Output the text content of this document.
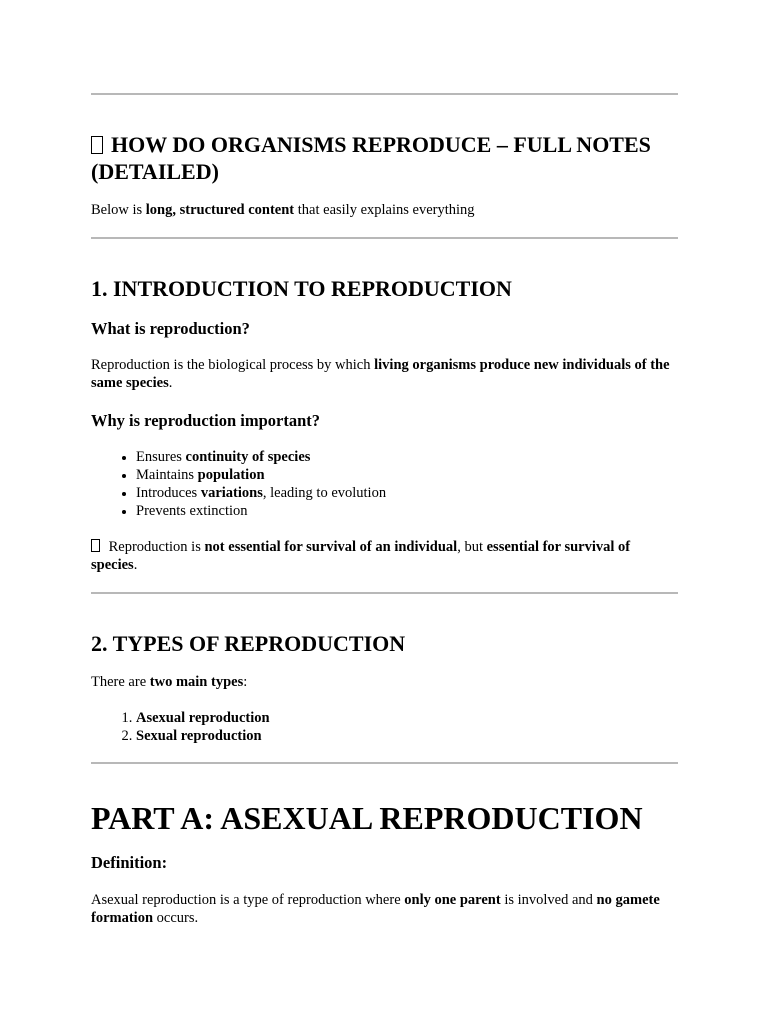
HOW DO ORGANISMS REPRODUCE – FULL NOTES (DETAILED)

Below is long, structured content that easily explains everything

1. INTRODUCTION TO REPRODUCTION
What is reproduction?

Reproduction is the biological process by which living organisms produce new individuals of the same species.

Why is reproduction important?
• Ensures continuity of species
• Maintains population
• Introduces variations, leading to evolution
• Prevents extinction

Reproduction is not essential for survival of an individual, but essential for survival of species.

2. TYPES OF REPRODUCTION

There are two main types:

1. Asexual reproduction
2. Sexual reproduction
PART A: ASEXUAL REPRODUCTION
Definition:

Asexual reproduction is a type of reproduction where only one parent is involved and no gamete formation occurs.
